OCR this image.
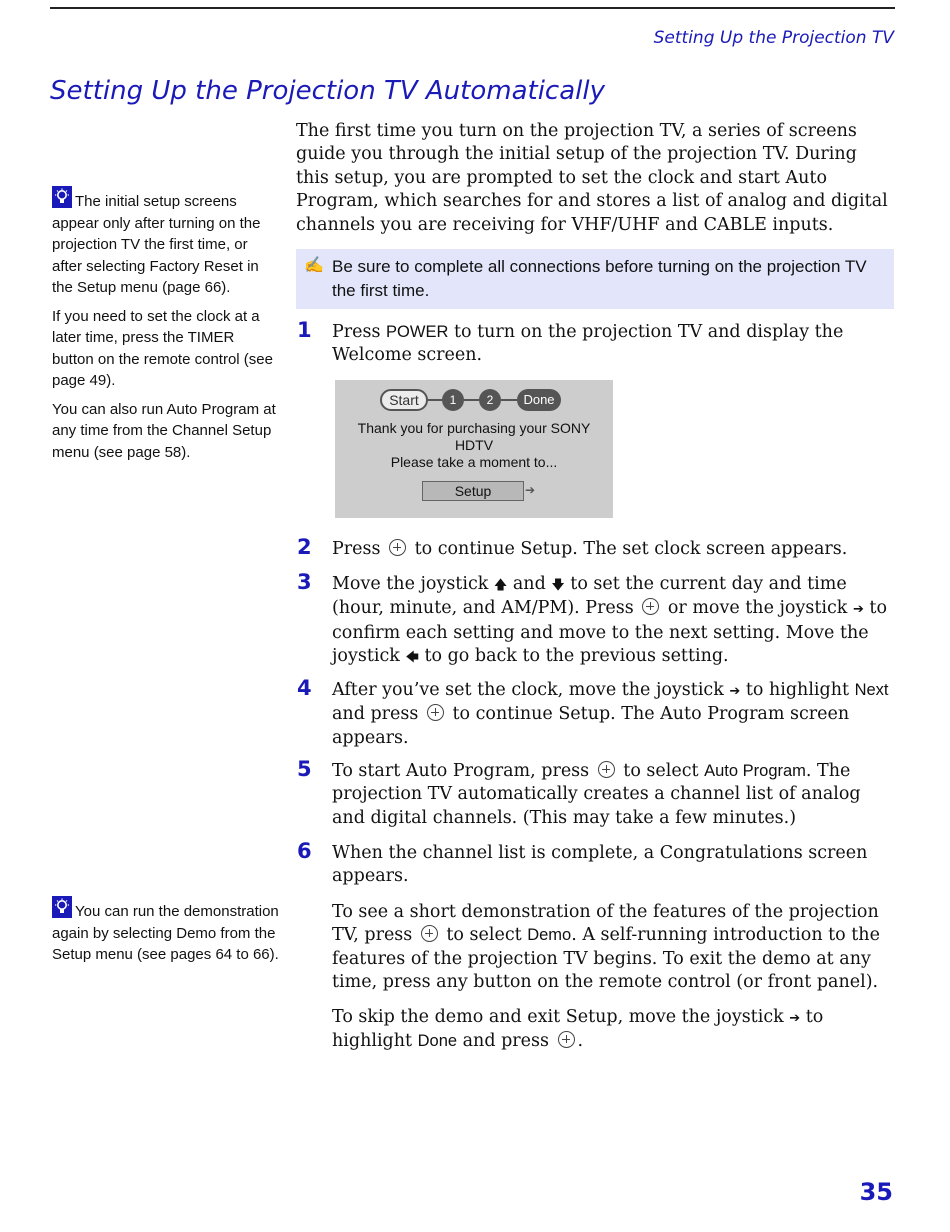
Setting Up the Projection TV
Setting Up the Projection TV Automatically

The initial setup screens appear only after turning on the projection TV the first time, or after selecting Factory Reset in the Setup menu (page 66).

If you need to set the clock at a later time, press the TIMER button on the remote control (see page 49).

You can also run Auto Program at any time from the Channel Setup menu (see page 58).

You can run the demonstration again by selecting Demo from the Setup menu (see pages 64 to 66).

The first time you turn on the projection TV, a series of screens guide you through the initial setup of the projection TV. During this setup, you are prompted to set the clock and start Auto Program, which searches for and stores a list of analog and digital channels you are receiving for VHF/UHF and CABLE inputs.

✍ Be sure to complete all connections before turning on the projection TV the first time.
1 Press POWER to turn on the projection TV and display the Welcome screen.
Start	1	2	Done
Thank you for purchasing your SONY
HDTV
Please take a moment to...
Setup	➔
2 Press  to continue Setup. The set clock screen appears.
3 Move the joystick 🡅 and 🡇 to set the current day and time (hour, minute, and AM/PM). Press  or move the joystick ➔ to confirm each setting and move to the next setting. Move the joystick 🡄 to go back to the previous setting.
4 After you’ve set the clock, move the joystick ➔ to highlight Next and press  to continue Setup. The Auto Program screen appears.
5 To start Auto Program, press  to select Auto Program. The projection TV automatically creates a channel list of analog and digital channels. (This may take a few minutes.)
6 When the channel list is complete, a Congratulations screen appears.
To see a short demonstration of the features of the projection TV, press  to select Demo. A self-running introduction to the features of the projection TV begins. To exit the demo at any time, press any button on the remote control (or front panel).
To skip the demo and exit Setup, move the joystick ➔ to highlight Done and press .
35
